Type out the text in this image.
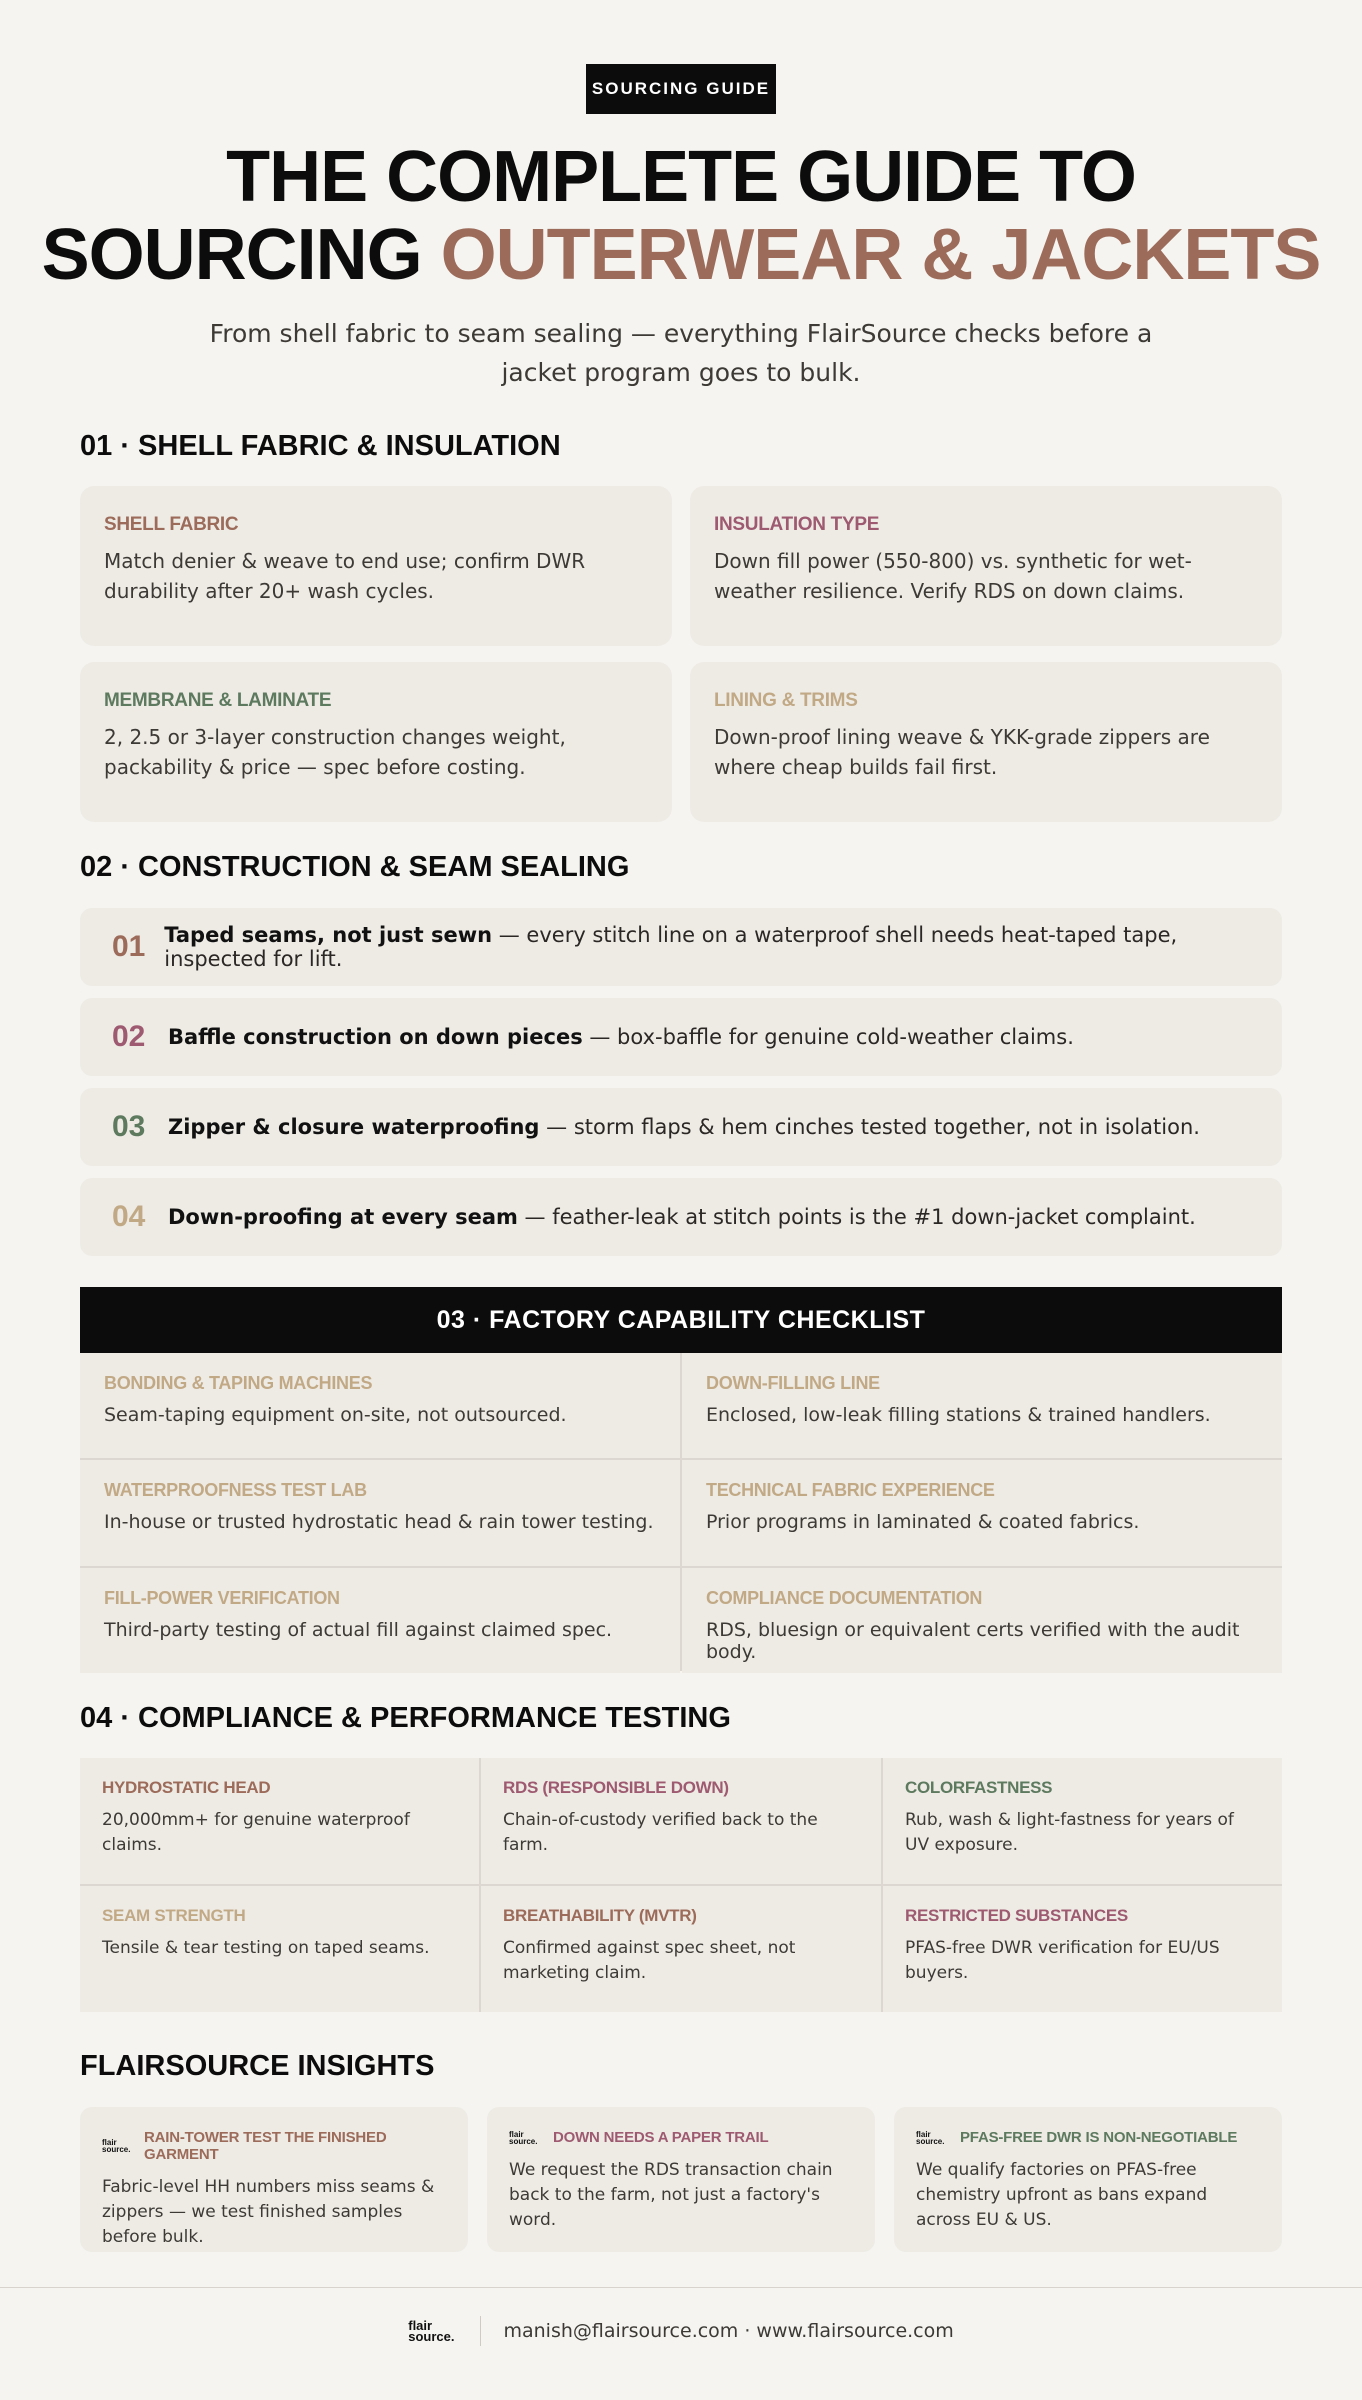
SOURCING GUIDE
THE COMPLETE GUIDE TO
SOURCING OUTERWEAR & JACKETS
From shell fabric to seam sealing — everything FlairSource checks before a jacket program goes to bulk.
01 · SHELL FABRIC & INSULATION
SHELL FABRIC
Match denier & weave to end use; confirm DWR durability after 20+ wash cycles.
INSULATION TYPE
Down fill power (550-800) vs. synthetic for wet-weather resilience. Verify RDS on down claims.
MEMBRANE & LAMINATE
2, 2.5 or 3-layer construction changes weight, packability & price — spec before costing.
LINING & TRIMS
Down-proof lining weave & YKK-grade zippers are where cheap builds fail first.
02 · CONSTRUCTION & SEAM SEALING
01 Taped seams, not just sewn — every stitch line on a waterproof shell needs heat-taped tape, inspected for lift.
02	Baffle construction on down pieces — box-baffle for genuine cold-weather claims.
03	Zipper & closure waterproofing — storm flaps & hem cinches tested together, not in isolation.
04	Down-proofing at every seam — feather-leak at stitch points is the #1 down-jacket complaint.
03 · FACTORY CAPABILITY CHECKLIST
BONDING & TAPING MACHINES
Seam-taping equipment on-site, not outsourced.
DOWN-FILLING LINE
Enclosed, low-leak filling stations & trained handlers.
WATERPROOFNESS TEST LAB
In-house or trusted hydrostatic head & rain tower testing.
TECHNICAL FABRIC EXPERIENCE
Prior programs in laminated & coated fabrics.
FILL-POWER VERIFICATION
Third-party testing of actual fill against claimed spec.
COMPLIANCE DOCUMENTATION
RDS, bluesign or equivalent certs verified with the audit body.
04 · COMPLIANCE & PERFORMANCE TESTING
HYDROSTATIC HEAD
20,000mm+ for genuine waterproof claims.
RDS (RESPONSIBLE DOWN)
Chain-of-custody verified back to the farm.
COLORFASTNESS
Rub, wash & light-fastness for years of UV exposure.
SEAM STRENGTH
Tensile & tear testing on taped seams.
BREATHABILITY (MVTR)
Confirmed against spec sheet, not marketing claim.
RESTRICTED SUBSTANCES
PFAS-free DWR verification for EU/US buyers.
FLAIRSOURCE INSIGHTS
flair
source.
RAIN-TOWER TEST THE FINISHED GARMENT
Fabric-level HH numbers miss seams & zippers — we test finished samples before bulk.
flair
source.	DOWN NEEDS A PAPER TRAIL
We request the RDS transaction chain back to the farm, not just a factory's word.
flair
source.	PFAS-FREE DWR IS NON-NEGOTIABLE
We qualify factories on PFAS-free chemistry upfront as bans expand across EU & US.
flair
source.	manish@flairsource.com · www.flairsource.com
